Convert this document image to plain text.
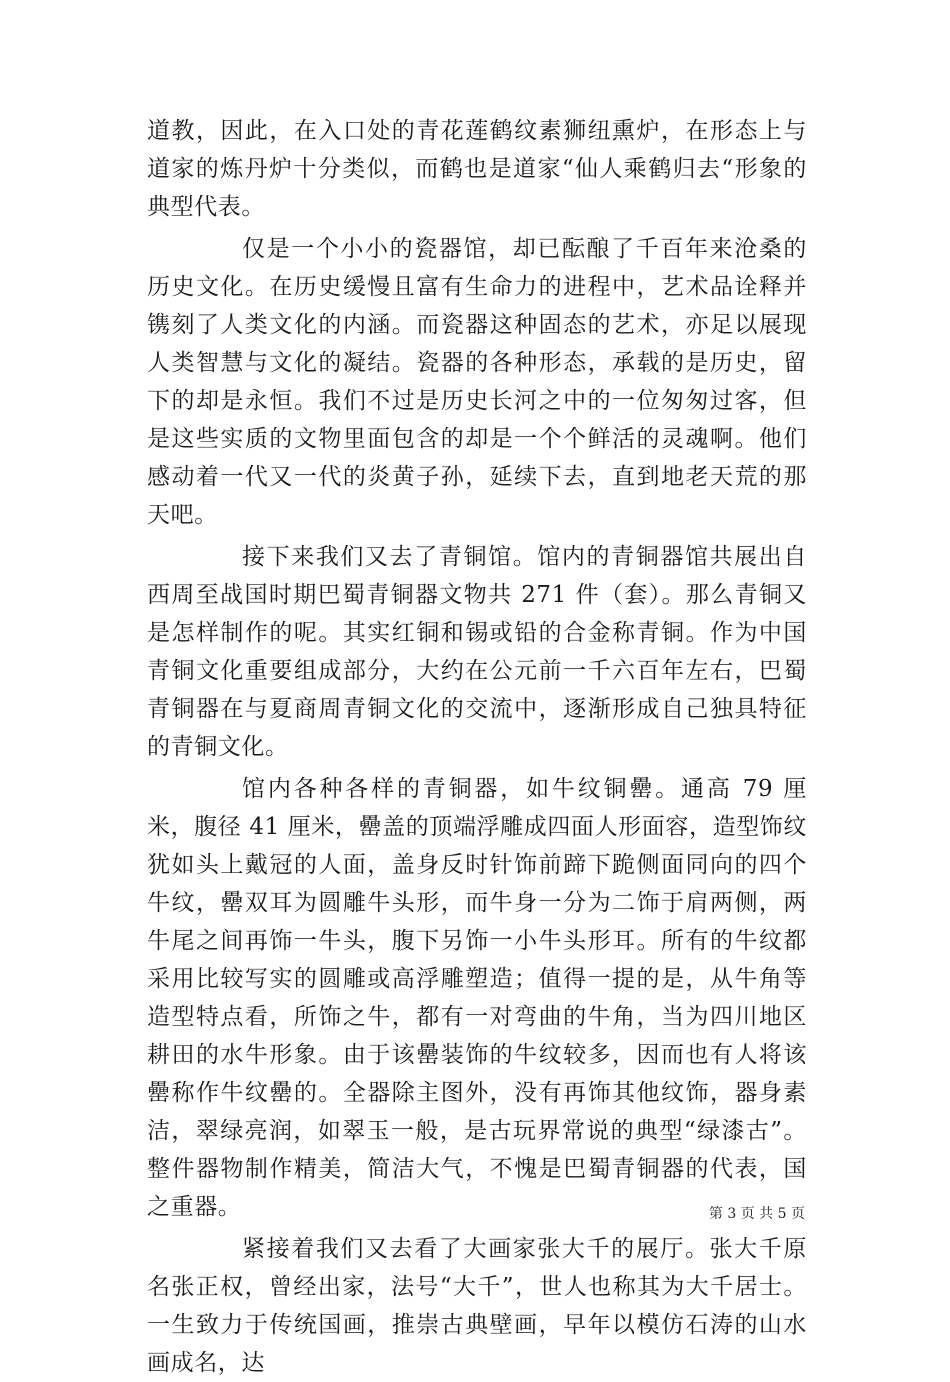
道教，因此，在入口处的青花莲鹤纹素狮纽熏炉，在形态上与道家的炼丹炉十分类似，而鹤也是道家“仙人乘鹤归去“形象的典型代表。

仅是一个小小的瓷器馆，却已酝酿了千百年来沧桑的历史文化。在历史缓慢且富有生命力的进程中，艺术品诠释并镌刻了人类文化的内涵。而瓷器这种固态的艺术，亦足以展现人类智慧与文化的凝结。瓷器的各种形态，承载的是历史，留下的却是永恒。我们不过是历史长河之中的一位匆匆过客，但是这些实质的文物里面包含的却是一个个鲜活的灵魂啊。他们感动着一代又一代的炎黄子孙，延续下去，直到地老天荒的那天吧。

接下来我们又去了青铜馆。馆内的青铜器馆共展出自西周至战国时期巴蜀青铜器文物共 271 件（套）。那么青铜又是怎样制作的呢。其实红铜和锡或铅的合金称青铜。作为中国青铜文化重要组成部分，大约在公元前一千六百年左右，巴蜀青铜器在与夏商周青铜文化的交流中，逐渐形成自己独具特征的青铜文化。

馆内各种各样的青铜器，如牛纹铜罍。通高 79 厘米，腹径 41 厘米，罍盖的顶端浮雕成四面人形面容，造型饰纹犹如头上戴冠的人面，盖身反时针饰前蹄下跪侧面同向的四个牛纹，罍双耳为圆雕牛头形，而牛身一分为二饰于肩两侧，两牛尾之间再饰一牛头，腹下另饰一小牛头形耳。所有的牛纹都采用比较写实的圆雕或高浮雕塑造；值得一提的是，从牛角等造型特点看，所饰之牛，都有一对弯曲的牛角，当为四川地区耕田的水牛形象。由于该罍装饰的牛纹较多，因而也有人将该罍称作牛纹罍的。全器除主图外，没有再饰其他纹饰，器身素洁，翠绿亮润，如翠玉一般，是古玩界常说的典型“绿漆古”。整件器物制作精美，简洁大气，不愧是巴蜀青铜器的代表，国之重器。

紧接着我们又去看了大画家张大千的展厅。张大千原名张正权，曾经出家，法号“大千”，世人也称其为大千居士。一生致力于传统国画，推崇古典壁画，早年以模仿石涛的山水画成名，达

第 3 页 共 5 页
